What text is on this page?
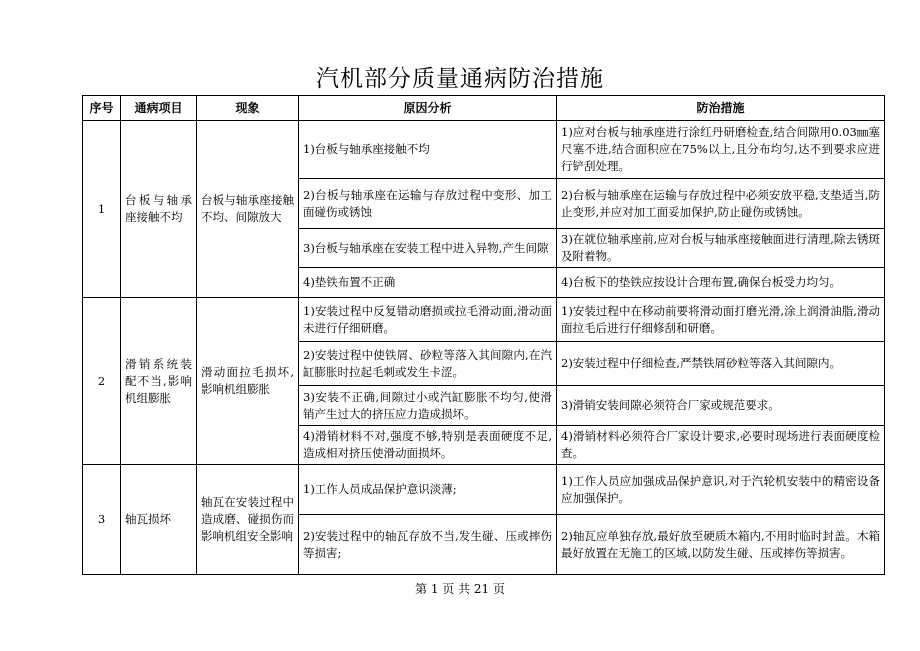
汽机部分质量通病防治措施
序号	通病项目	现象	原因分析	防治措施
1	台板与轴承座接触不均	台板与轴承座接触不均、间隙放大	1)台板与轴承座接触不均	1)应对台板与轴承座进行涂红丹研磨检查,结合间隙用0.03㎜塞尺塞不进,结合面积应在75%以上,且分布均匀,达不到要求应进行铲刮处理。
			2)台板与轴承座在运输与存放过程中变形、加工面碰伤或锈蚀	2)台板与轴承座在运输与存放过程中必须安放平稳,支垫适当,防止变形,并应对加工面妥加保护,防止碰伤或锈蚀。
			3)台板与轴承座在安装工程中进入异物,产生间隙	3)在就位轴承座前,应对台板与轴承座接触面进行清理,除去锈斑及附着物。
			4)垫铁布置不正确	4)台板下的垫铁应按设计合理布置,确保台板受力均匀。
2	滑销系统装配不当,影响机组膨胀	滑动面拉毛损坏,影响机组膨胀	1)安装过程中反复错动磨损或拉毛滑动面,滑动面未进行仔细研磨。	1)安装过程中在移动前要将滑动面打磨光滑,涂上润滑油脂,滑动面拉毛后进行仔细修刮和研磨。
			2)安装过程中使铁屑、砂粒等落入其间隙内,在汽缸膨胀时拉起毛刺或发生卡涩。	2)安装过程中仔细检查,严禁铁屑砂粒等落入其间隙内。
			3)安装不正确,间隙过小或汽缸膨胀不均匀,使滑销产生过大的挤压应力造成损坏。	3)滑销安装间隙必须符合厂家或规范要求。
			4)滑销材料不对,强度不够,特别是表面硬度不足,造成相对挤压使滑动面损坏。	4)滑销材料必须符合厂家设计要求,必要时现场进行表面硬度检查。
3	轴瓦损坏	轴瓦在安装过程中造成磨、碰损伤而影响机组安全影响	1)工作人员成品保护意识淡薄;	1)工作人员应加强成品保护意识,对于汽轮机安装中的精密设备应加强保护。
			2)安装过程中的轴瓦存放不当,发生碰、压或摔伤等损害;	2)轴瓦应单独存放,最好放至硬质木箱内,不用时临时封盖。木箱最好放置在无施工的区域,以防发生碰、压或摔伤等损害。
第 1 页 共 21 页
